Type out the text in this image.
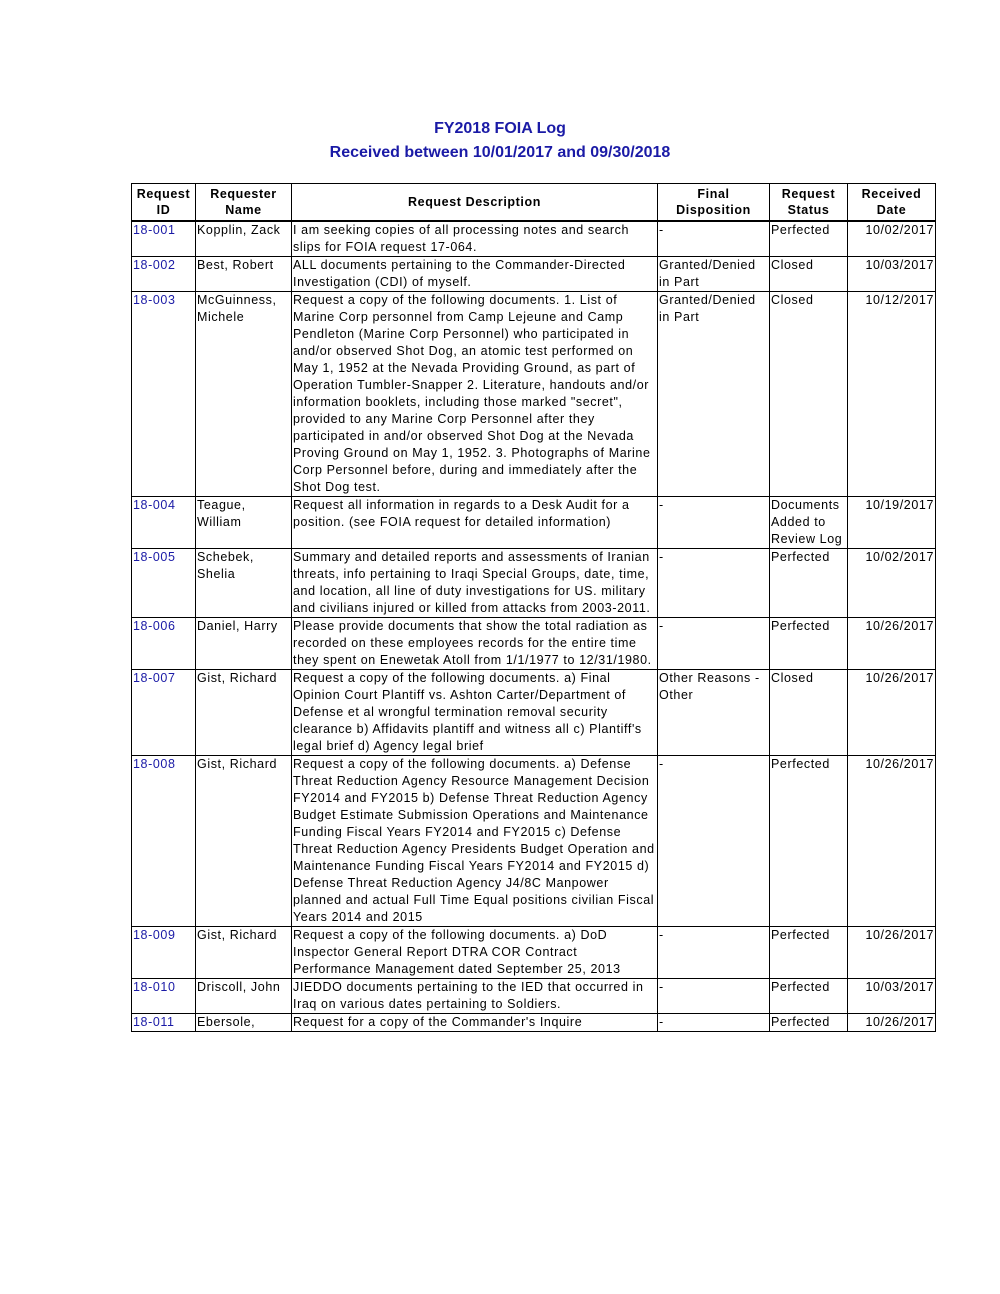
FY2018 FOIA Log
Received between 10/01/2017 and 09/30/2018
Request ID	Requester Name	Request Description	Final Disposition	Request Status	Received Date
18-001	Kopplin, Zack	I am seeking copies of all processing notes and search slips for FOIA request 17-064.	-	Perfected	10/02/2017
18-002	Best, Robert	ALL documents pertaining to the Commander-Directed Investigation (CDI) of myself.	Granted/Denied in Part	Closed	10/03/2017
18-003	McGuinness, Michele	Request a copy of the following documents. 1. List of Marine Corp personnel from Camp Lejeune and Camp Pendleton (Marine Corp Personnel) who participated in and/or observed Shot Dog, an atomic test performed on May 1, 1952 at the Nevada Providing Ground, as part of Operation Tumbler-Snapper 2. Literature, handouts and/or information booklets, including those marked "secret", provided to any Marine Corp Personnel after they participated in and/or observed Shot Dog at the Nevada Proving Ground on May 1, 1952. 3. Photographs of Marine Corp Personnel before, during and immediately after the Shot Dog test.	Granted/Denied in Part	Closed	10/12/2017
18-004	Teague, William	Request all information in regards to a Desk Audit for a position. (see FOIA request for detailed information)	-	Documents Added to Review Log	10/19/2017
18-005	Schebek, Shelia	Summary and detailed reports and assessments of Iranian threats, info pertaining to Iraqi Special Groups, date, time, and location, all line of duty investigations for US. military and civilians injured or killed from attacks from 2003-2011.	-	Perfected	10/02/2017
18-006	Daniel, Harry	Please provide documents that show the total radiation as recorded on these employees records for the entire time they spent on Enewetak Atoll from 1/1/1977 to 12/31/1980.	-	Perfected	10/26/2017
18-007	Gist, Richard	Request a copy of the following documents. a) Final Opinion Court Plantiff vs. Ashton Carter/Department of Defense et al wrongful termination removal security clearance b) Affidavits plantiff and witness all c) Plantiff's legal brief d) Agency legal brief	Other Reasons - Other	Closed	10/26/2017
18-008	Gist, Richard	Request a copy of the following documents. a) Defense Threat Reduction Agency Resource Management Decision FY2014 and FY2015 b) Defense Threat Reduction Agency Budget Estimate Submission Operations and Maintenance Funding Fiscal Years FY2014 and FY2015 c) Defense Threat Reduction Agency Presidents Budget Operation and Maintenance Funding Fiscal Years FY2014 and FY2015 d) Defense Threat Reduction Agency J4/8C Manpower planned and actual Full Time Equal positions civilian Fiscal Years 2014 and 2015	-	Perfected	10/26/2017
18-009	Gist, Richard	Request a copy of the following documents. a) DoD Inspector General Report DTRA COR Contract Performance Management dated September 25, 2013	-	Perfected	10/26/2017
18-010	Driscoll, John	JIEDDO documents pertaining to the IED that occurred in Iraq on various dates pertaining to Soldiers.	-	Perfected	10/03/2017
18-011	Ebersole,	Request for a copy of the Commander's Inquire	-	Perfected	10/26/2017
